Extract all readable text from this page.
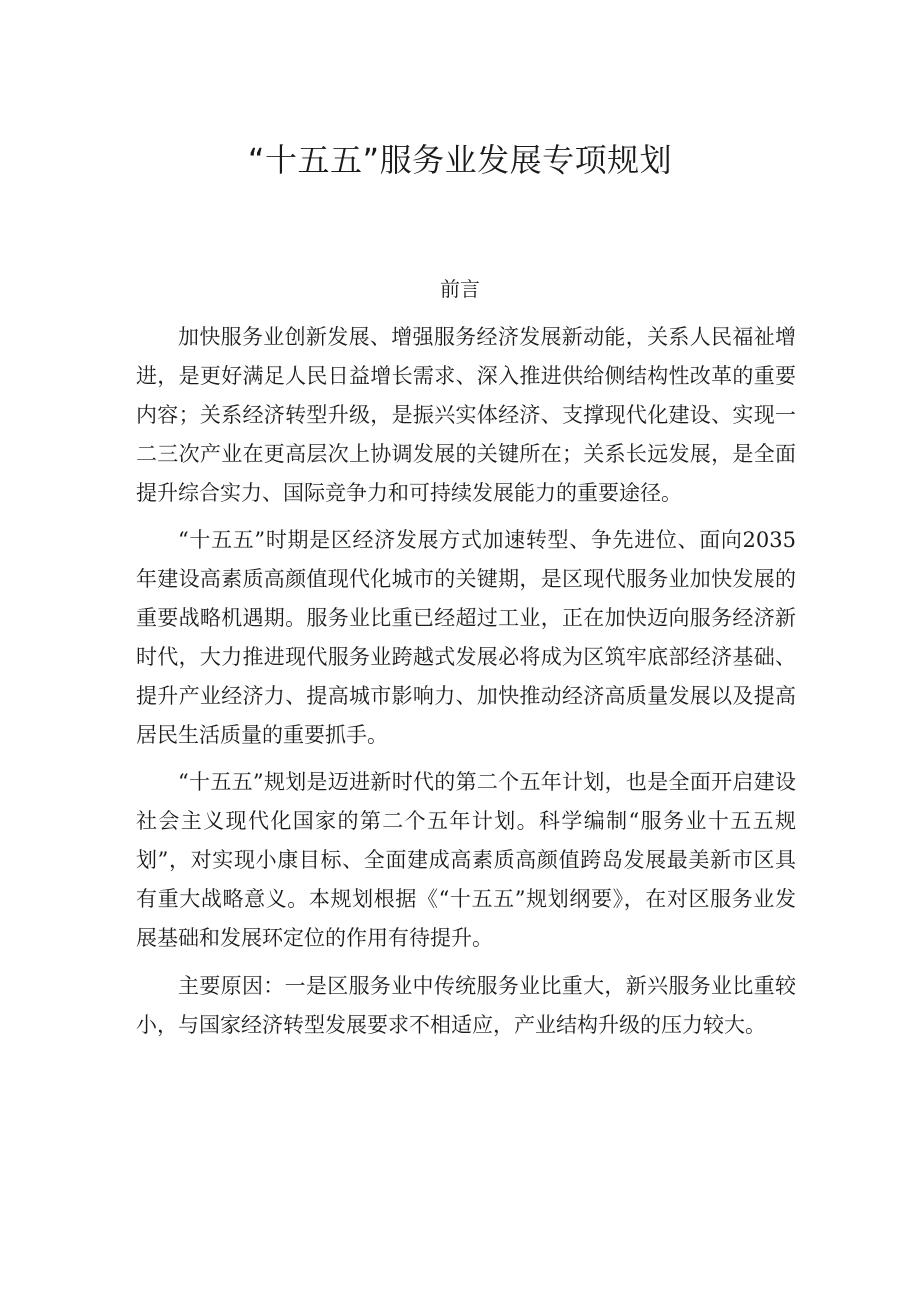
“十五五”服务业发展专项规划
前言

加快服务业创新发展、增强服务经济发展新动能，关系人民福祉增进，是更好满足人民日益增长需求、深入推进供给侧结构性改革的重要内容；关系经济转型升级，是振兴实体经济、支撑现代化建设、实现一二三次产业在更高层次上协调发展的关键所在；关系长远发展，是全面提升综合实力、国际竞争力和可持续发展能力的重要途径。

“十五五”时期是区经济发展方式加速转型、争先进位、面向2035年建设高素质高颜值现代化城市的关键期，是区现代服务业加快发展的重要战略机遇期。服务业比重已经超过工业，正在加快迈向服务经济新时代，大力推进现代服务业跨越式发展必将成为区筑牢底部经济基础、提升产业经济力、提高城市影响力、加快推动经济高质量发展以及提高居民生活质量的重要抓手。

“十五五”规划是迈进新时代的第二个五年计划，也是全面开启建设社会主义现代化国家的第二个五年计划。科学编制“服务业十五五规划”，对实现小康目标、全面建成高素质高颜值跨岛发展最美新市区具有重大战略意义。本规划根据《“十五五”规划纲要》，在对区服务业发展基础和发展环定位的作用有待提升。

主要原因：一是区服务业中传统服务业比重大，新兴服务业比重较小，与国家经济转型发展要求不相适应，产业结构升级的压力较大。
